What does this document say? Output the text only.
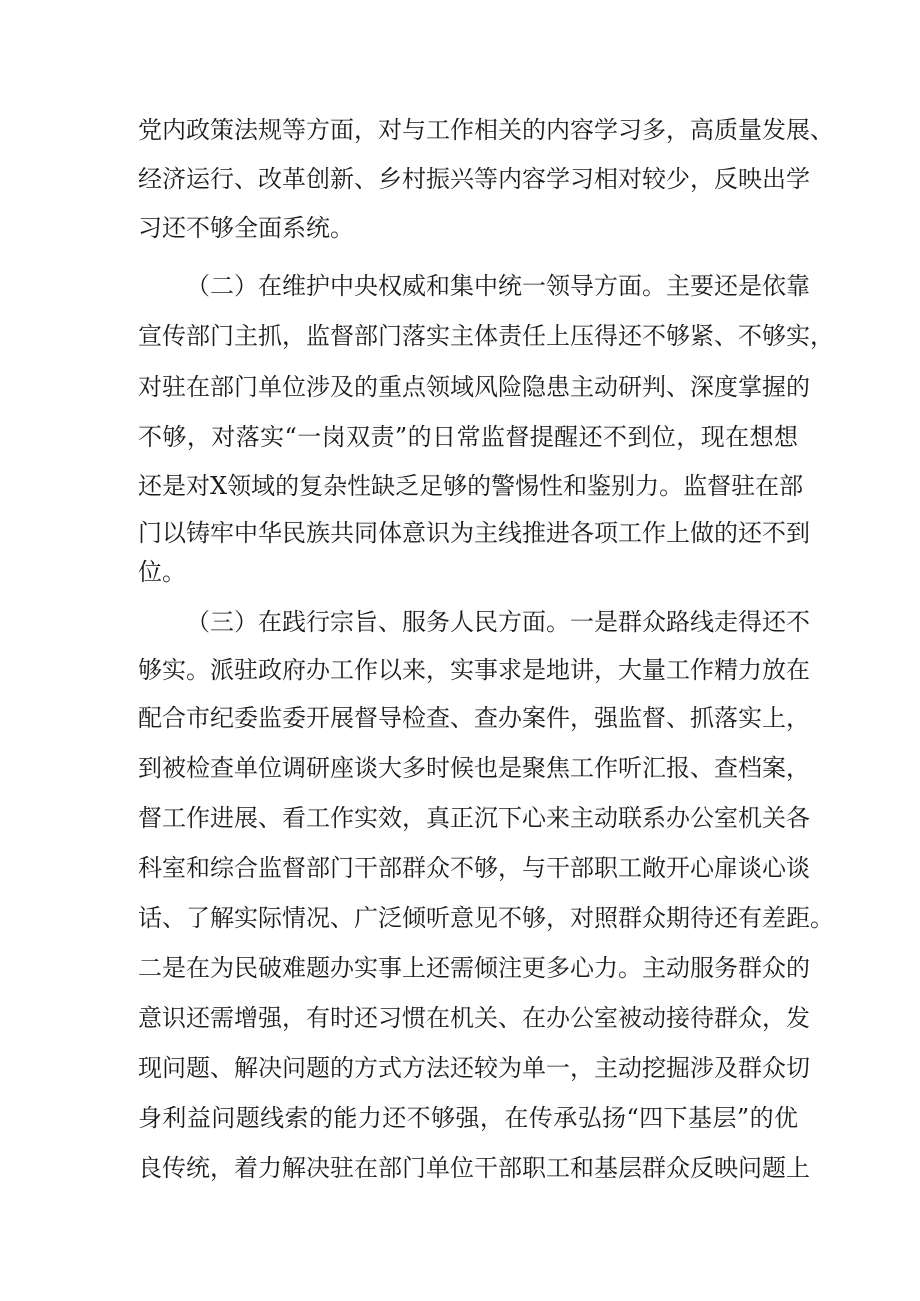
党内政策法规等方面，对与工作相关的内容学习多，高质量发展、
经济运行、改革创新、乡村振兴等内容学习相对较少，反映出学
习还不够全面系统。
（二）在维护中央权威和集中统一领导方面。主要还是依靠
宣传部门主抓，监督部门落实主体责任上压得还不够紧、不够实，
对驻在部门单位涉及的重点领域风险隐患主动研判、深度掌握的
不够，对落实“一岗双责”的日常监督提醒还不到位，现在想想
还是对X领域的复杂性缺乏足够的警惕性和鉴别力。监督驻在部
门以铸牢中华民族共同体意识为主线推进各项工作上做的还不到
位。
（三）在践行宗旨、服务人民方面。一是群众路线走得还不
够实。派驻政府办工作以来，实事求是地讲，大量工作精力放在
配合市纪委监委开展督导检查、查办案件，强监督、抓落实上，
到被检查单位调研座谈大多时候也是聚焦工作听汇报、查档案，
督工作进展、看工作实效，真正沉下心来主动联系办公室机关各
科室和综合监督部门干部群众不够，与干部职工敞开心扉谈心谈
话、了解实际情况、广泛倾听意见不够，对照群众期待还有差距。
二是在为民破难题办实事上还需倾注更多心力。主动服务群众的
意识还需增强，有时还习惯在机关、在办公室被动接待群众，发
现问题、解决问题的方式方法还较为单一，主动挖掘涉及群众切
身利益问题线索的能力还不够强，在传承弘扬“四下基层”的优
良传统，着力解决驻在部门单位干部职工和基层群众反映问题上
